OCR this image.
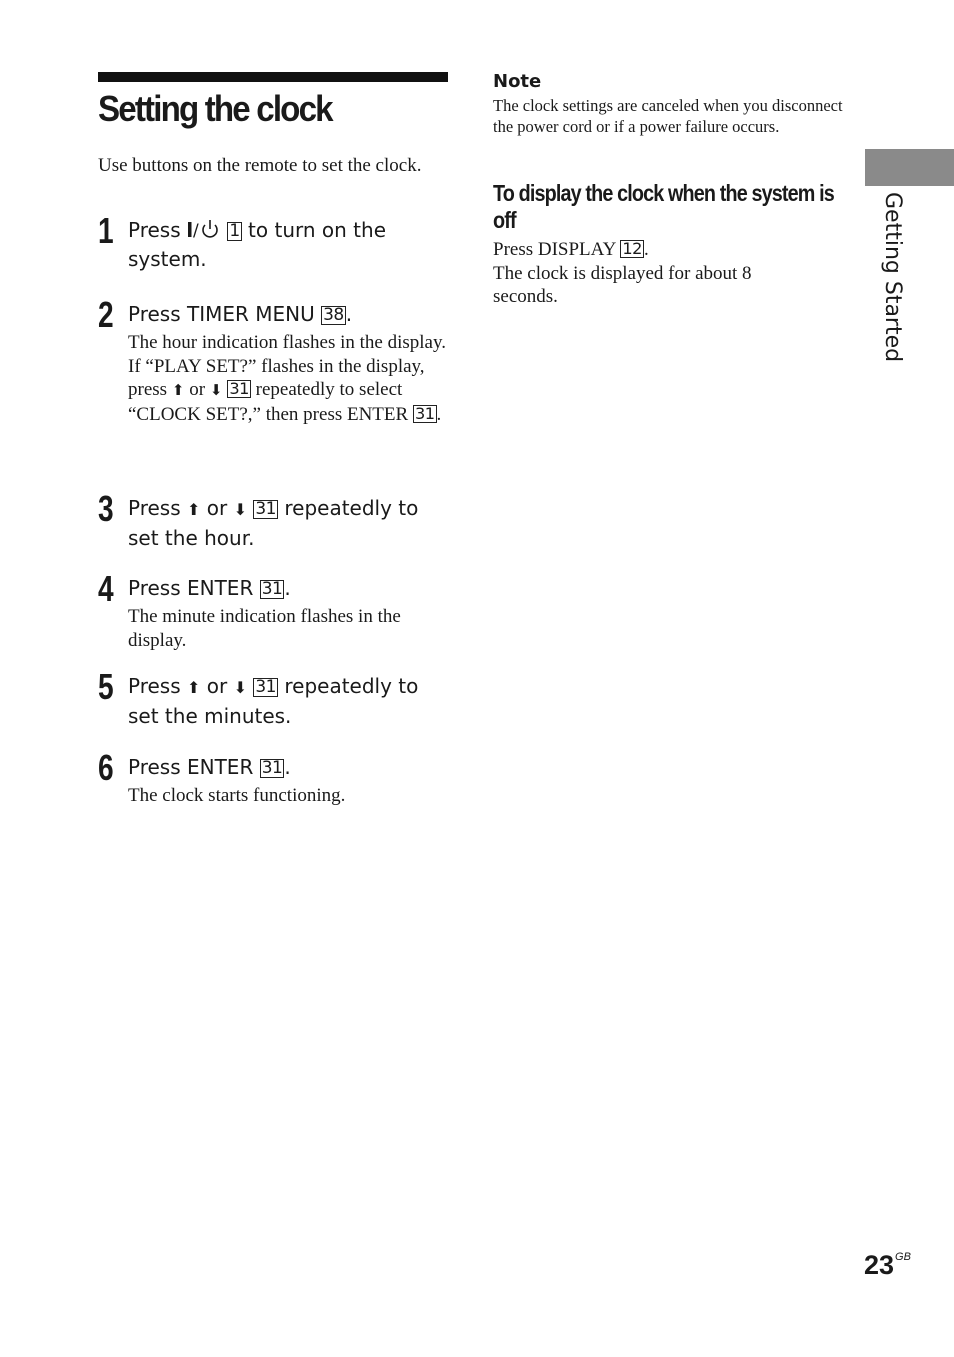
Setting the clock
Use buttons on the remote to set the clock.
1 Press / 1 to turn on the system.
2 Press TIMER MENU 38 .
The hour indication flashes in the display.
If “PLAY SET?” flashes in the display, press ⬆ or ⬇ 31 repeatedly to select “CLOCK SET?,” then press ENTER 31 .
3 Press ⬆ or ⬇ 31 repeatedly to set the hour.
4 Press ENTER 31 .
The minute indication flashes in the display.
5 Press ⬆ or ⬇ 31 repeatedly to set the minutes.
6 Press ENTER 31 .
The clock starts functioning.
Note
The clock settings are canceled when you disconnect the power cord or if a power failure occurs.
To display the clock when the system is off
Press DISPLAY 12 .
The clock is displayed for about 8 seconds.	Getting Started
$23^{GB}$
